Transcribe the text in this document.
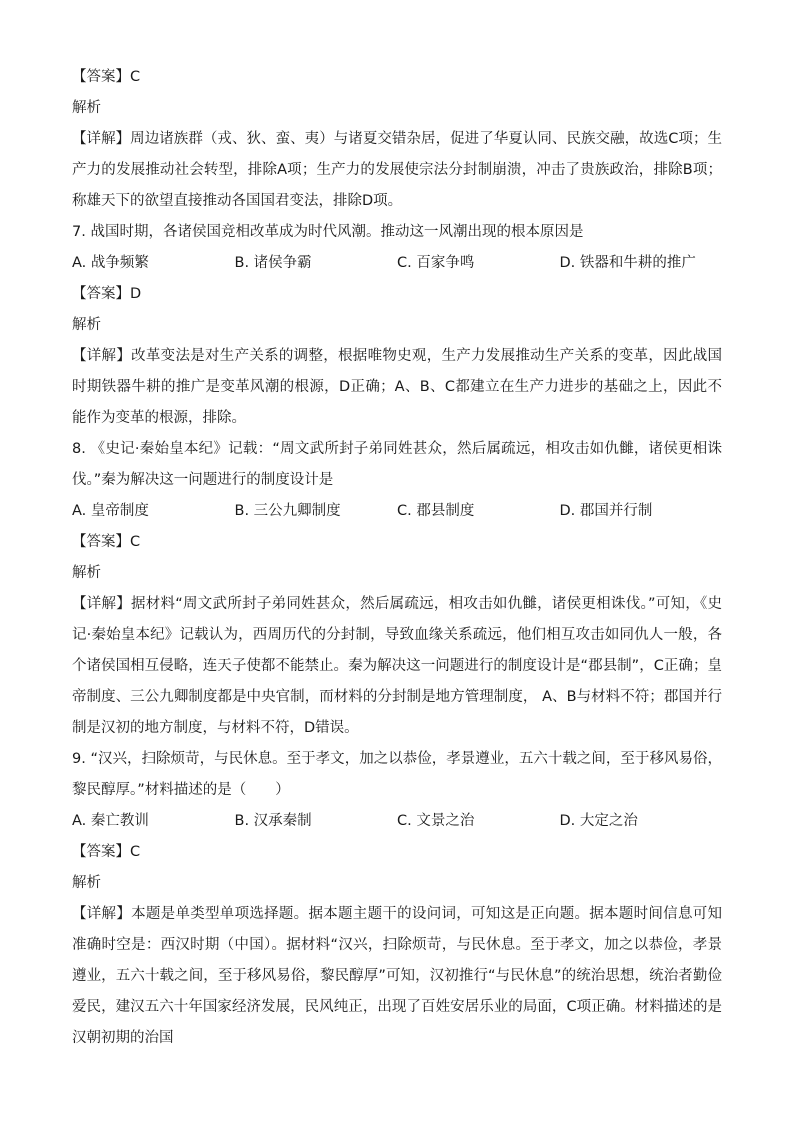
【答案】C
解析
【详解】周边诸族群（戎、狄、蛮、夷）与诸夏交错杂居，促进了华夏认同、民族交融，故选C项；生产力的发展推动社会转型，排除A项；生产力的发展使宗法分封制崩溃，冲击了贵族政治，排除B项；称雄天下的欲望直接推动各国国君变法，排除D项。
7. 战国时期，各诸侯国竞相改革成为时代风潮。推动这一风潮出现的根本原因是
A. 战争频繁	B. 诸侯争霸	C. 百家争鸣	D. 铁器和牛耕的推广
【答案】D
解析
【详解】改革变法是对生产关系的调整，根据唯物史观，生产力发展推动生产关系的变革，因此战国时期铁器牛耕的推广是变革风潮的根源，D正确；A、B、C都建立在生产力进步的基础之上，因此不能作为变革的根源，排除。
8. 《史记·秦始皇本纪》记载：“周文武所封子弟同姓甚众，然后属疏远，相攻击如仇雠，诸侯更相诛伐。”秦为解决这一问题进行的制度设计是
A. 皇帝制度	B. 三公九卿制度	C. 郡县制度	D. 郡国并行制
【答案】C
解析
【详解】据材料“周文武所封子弟同姓甚众，然后属疏远，相攻击如仇雠，诸侯更相诛伐。”可知，《史记·秦始皇本纪》记载认为，西周历代的分封制，导致血缘关系疏远，他们相互攻击如同仇人一般，各个诸侯国相互侵略，连天子使都不能禁止。秦为解决这一问题进行的制度设计是“郡县制”，C正确；皇帝制度、三公九卿制度都是中央官制，而材料的分封制是地方管理制度， A、B与材料不符；郡国并行制是汉初的地方制度，与材料不符，D错误。
9. “汉兴，扫除烦苛，与民休息。至于孝文，加之以恭俭，孝景遵业，五六十载之间，至于移风易俗，黎民醇厚。”材料描述的是（　　）
A. 秦亡教训	B. 汉承秦制	C. 文景之治	D. 大定之治
【答案】C
解析
【详解】本题是单类型单项选择题。据本题主题干的设问词，可知这是正向题。据本题时间信息可知准确时空是：西汉时期（中国）。据材料“汉兴，扫除烦苛，与民休息。至于孝文，加之以恭俭，孝景遵业，五六十载之间，至于移风易俗，黎民醇厚”可知，汉初推行“与民休息”的统治思想，统治者勤俭爱民，建汉五六十年国家经济发展，民风纯正，出现了百姓安居乐业的局面，C项正确。材料描述的是汉朝初期的治国
